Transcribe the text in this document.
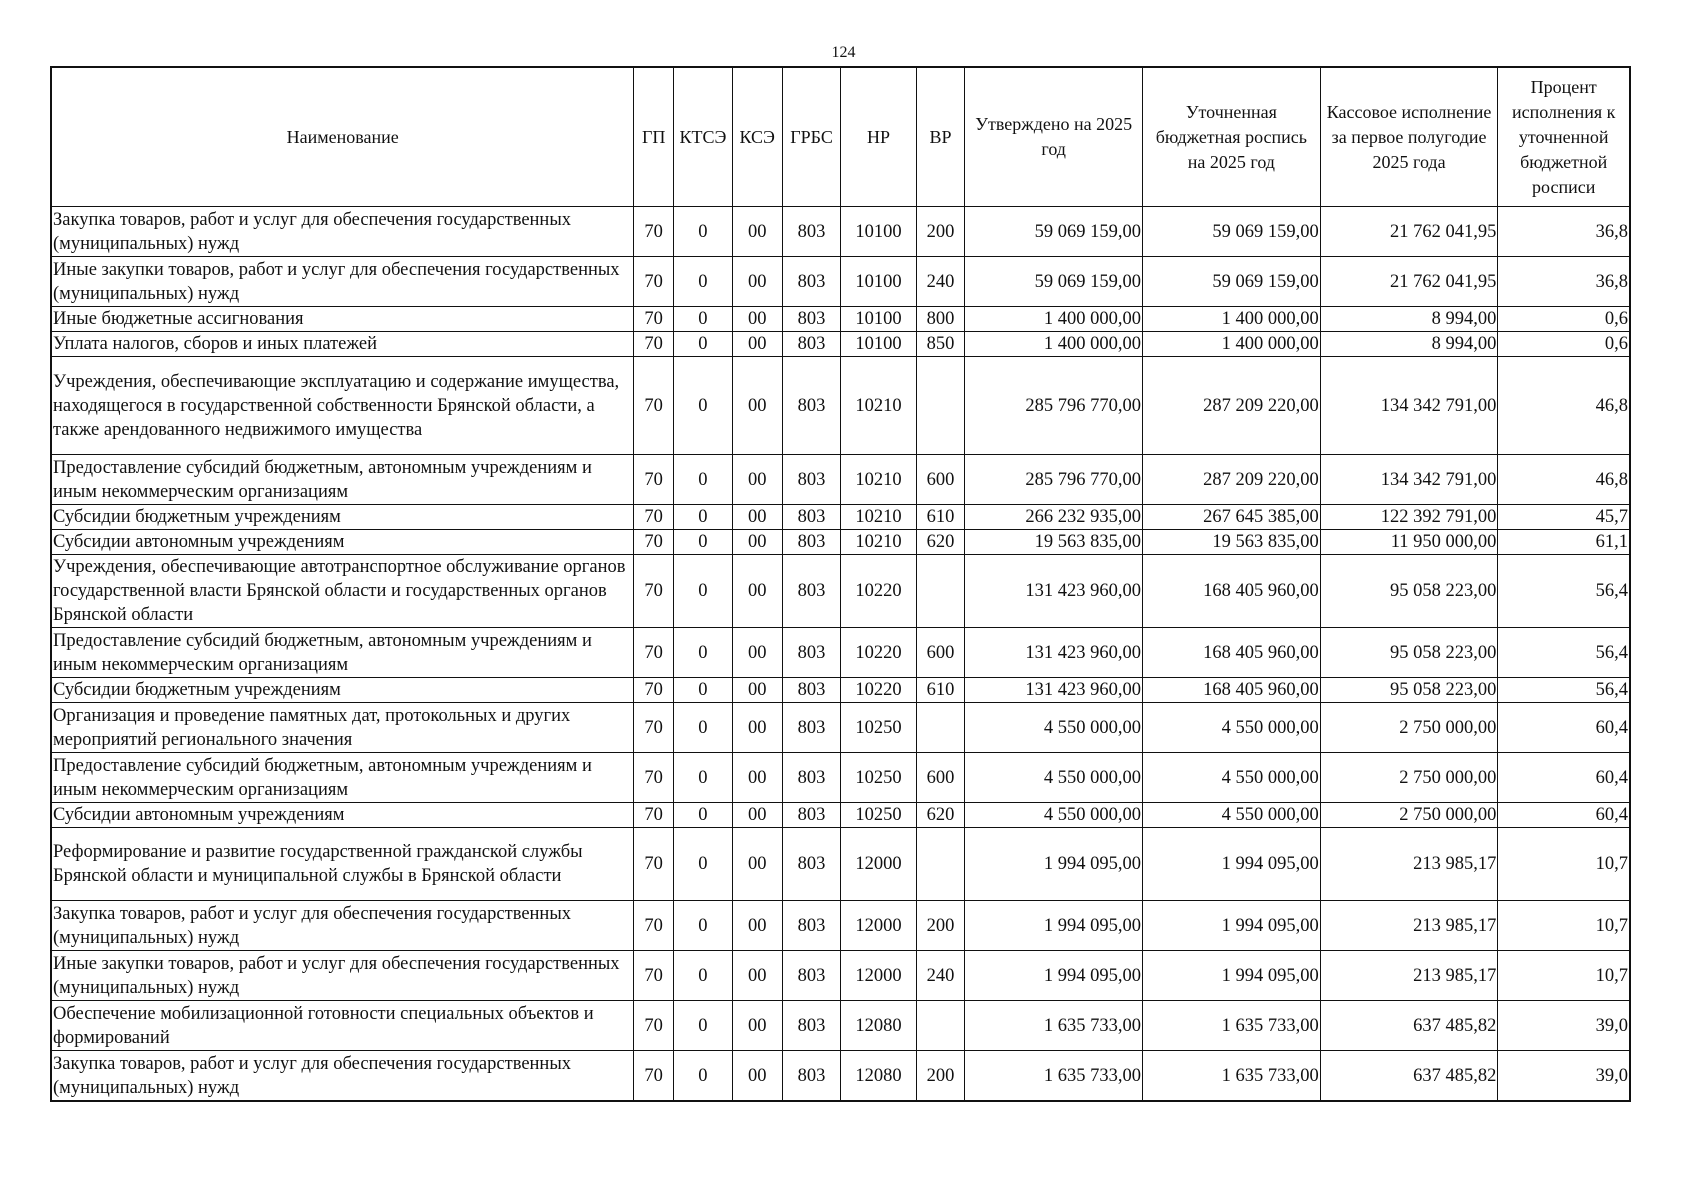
124
Наименование	ГП	КТСЭ	КСЭ	ГРБС	НР	ВР	Утверждено на 2025 год	Уточненная бюджетная роспись на 2025 год	Кассовое исполнение за первое полугодие 2025 года	Процент исполнения к уточненной бюджетной росписи
Закупка товаров, работ и услуг для обеспечения государственных (муниципальных) нужд	70	0	00	803	10100	200	59 069 159,00	59 069 159,00	21 762 041,95	36,8
Иные закупки товаров, работ и услуг для обеспечения государственных (муниципальных) нужд	70	0	00	803	10100	240	59 069 159,00	59 069 159,00	21 762 041,95	36,8
Иные бюджетные ассигнования	70	0	00	803	10100	800	1 400 000,00	1 400 000,00	8 994,00	0,6
Уплата налогов, сборов и иных платежей	70	0	00	803	10100	850	1 400 000,00	1 400 000,00	8 994,00	0,6
Учреждения, обеспечивающие эксплуатацию и содержание имущества, находящегося в государственной собственности Брянской области, а также арендованного недвижимого имущества	70	0	00	803	10210		285 796 770,00	287 209 220,00	134 342 791,00	46,8
Предоставление субсидий бюджетным, автономным учреждениям и иным некоммерческим организациям	70	0	00	803	10210	600	285 796 770,00	287 209 220,00	134 342 791,00	46,8
Субсидии бюджетным учреждениям	70	0	00	803	10210	610	266 232 935,00	267 645 385,00	122 392 791,00	45,7
Субсидии автономным учреждениям	70	0	00	803	10210	620	19 563 835,00	19 563 835,00	11 950 000,00	61,1
Учреждения, обеспечивающие автотранспортное обслуживание органов государственной власти Брянской области и государственных органов Брянской области	70	0	00	803	10220		131 423 960,00	168 405 960,00	95 058 223,00	56,4
Предоставление субсидий бюджетным, автономным учреждениям и иным некоммерческим организациям	70	0	00	803	10220	600	131 423 960,00	168 405 960,00	95 058 223,00	56,4
Субсидии бюджетным учреждениям	70	0	00	803	10220	610	131 423 960,00	168 405 960,00	95 058 223,00	56,4
Организация и проведение памятных дат, протокольных и других мероприятий регионального значения	70	0	00	803	10250		4 550 000,00	4 550 000,00	2 750 000,00	60,4
Предоставление субсидий бюджетным, автономным учреждениям и иным некоммерческим организациям	70	0	00	803	10250	600	4 550 000,00	4 550 000,00	2 750 000,00	60,4
Субсидии автономным учреждениям	70	0	00	803	10250	620	4 550 000,00	4 550 000,00	2 750 000,00	60,4
Реформирование и развитие государственной гражданской службы Брянской области и муниципальной службы в Брянской области	70	0	00	803	12000		1 994 095,00	1 994 095,00	213 985,17	10,7
Закупка товаров, работ и услуг для обеспечения государственных (муниципальных) нужд	70	0	00	803	12000	200	1 994 095,00	1 994 095,00	213 985,17	10,7
Иные закупки товаров, работ и услуг для обеспечения государственных (муниципальных) нужд	70	0	00	803	12000	240	1 994 095,00	1 994 095,00	213 985,17	10,7
Обеспечение мобилизационной готовности специальных объектов и формирований	70	0	00	803	12080		1 635 733,00	1 635 733,00	637 485,82	39,0
Закупка товаров, работ и услуг для обеспечения государственных (муниципальных) нужд	70	0	00	803	12080	200	1 635 733,00	1 635 733,00	637 485,82	39,0
